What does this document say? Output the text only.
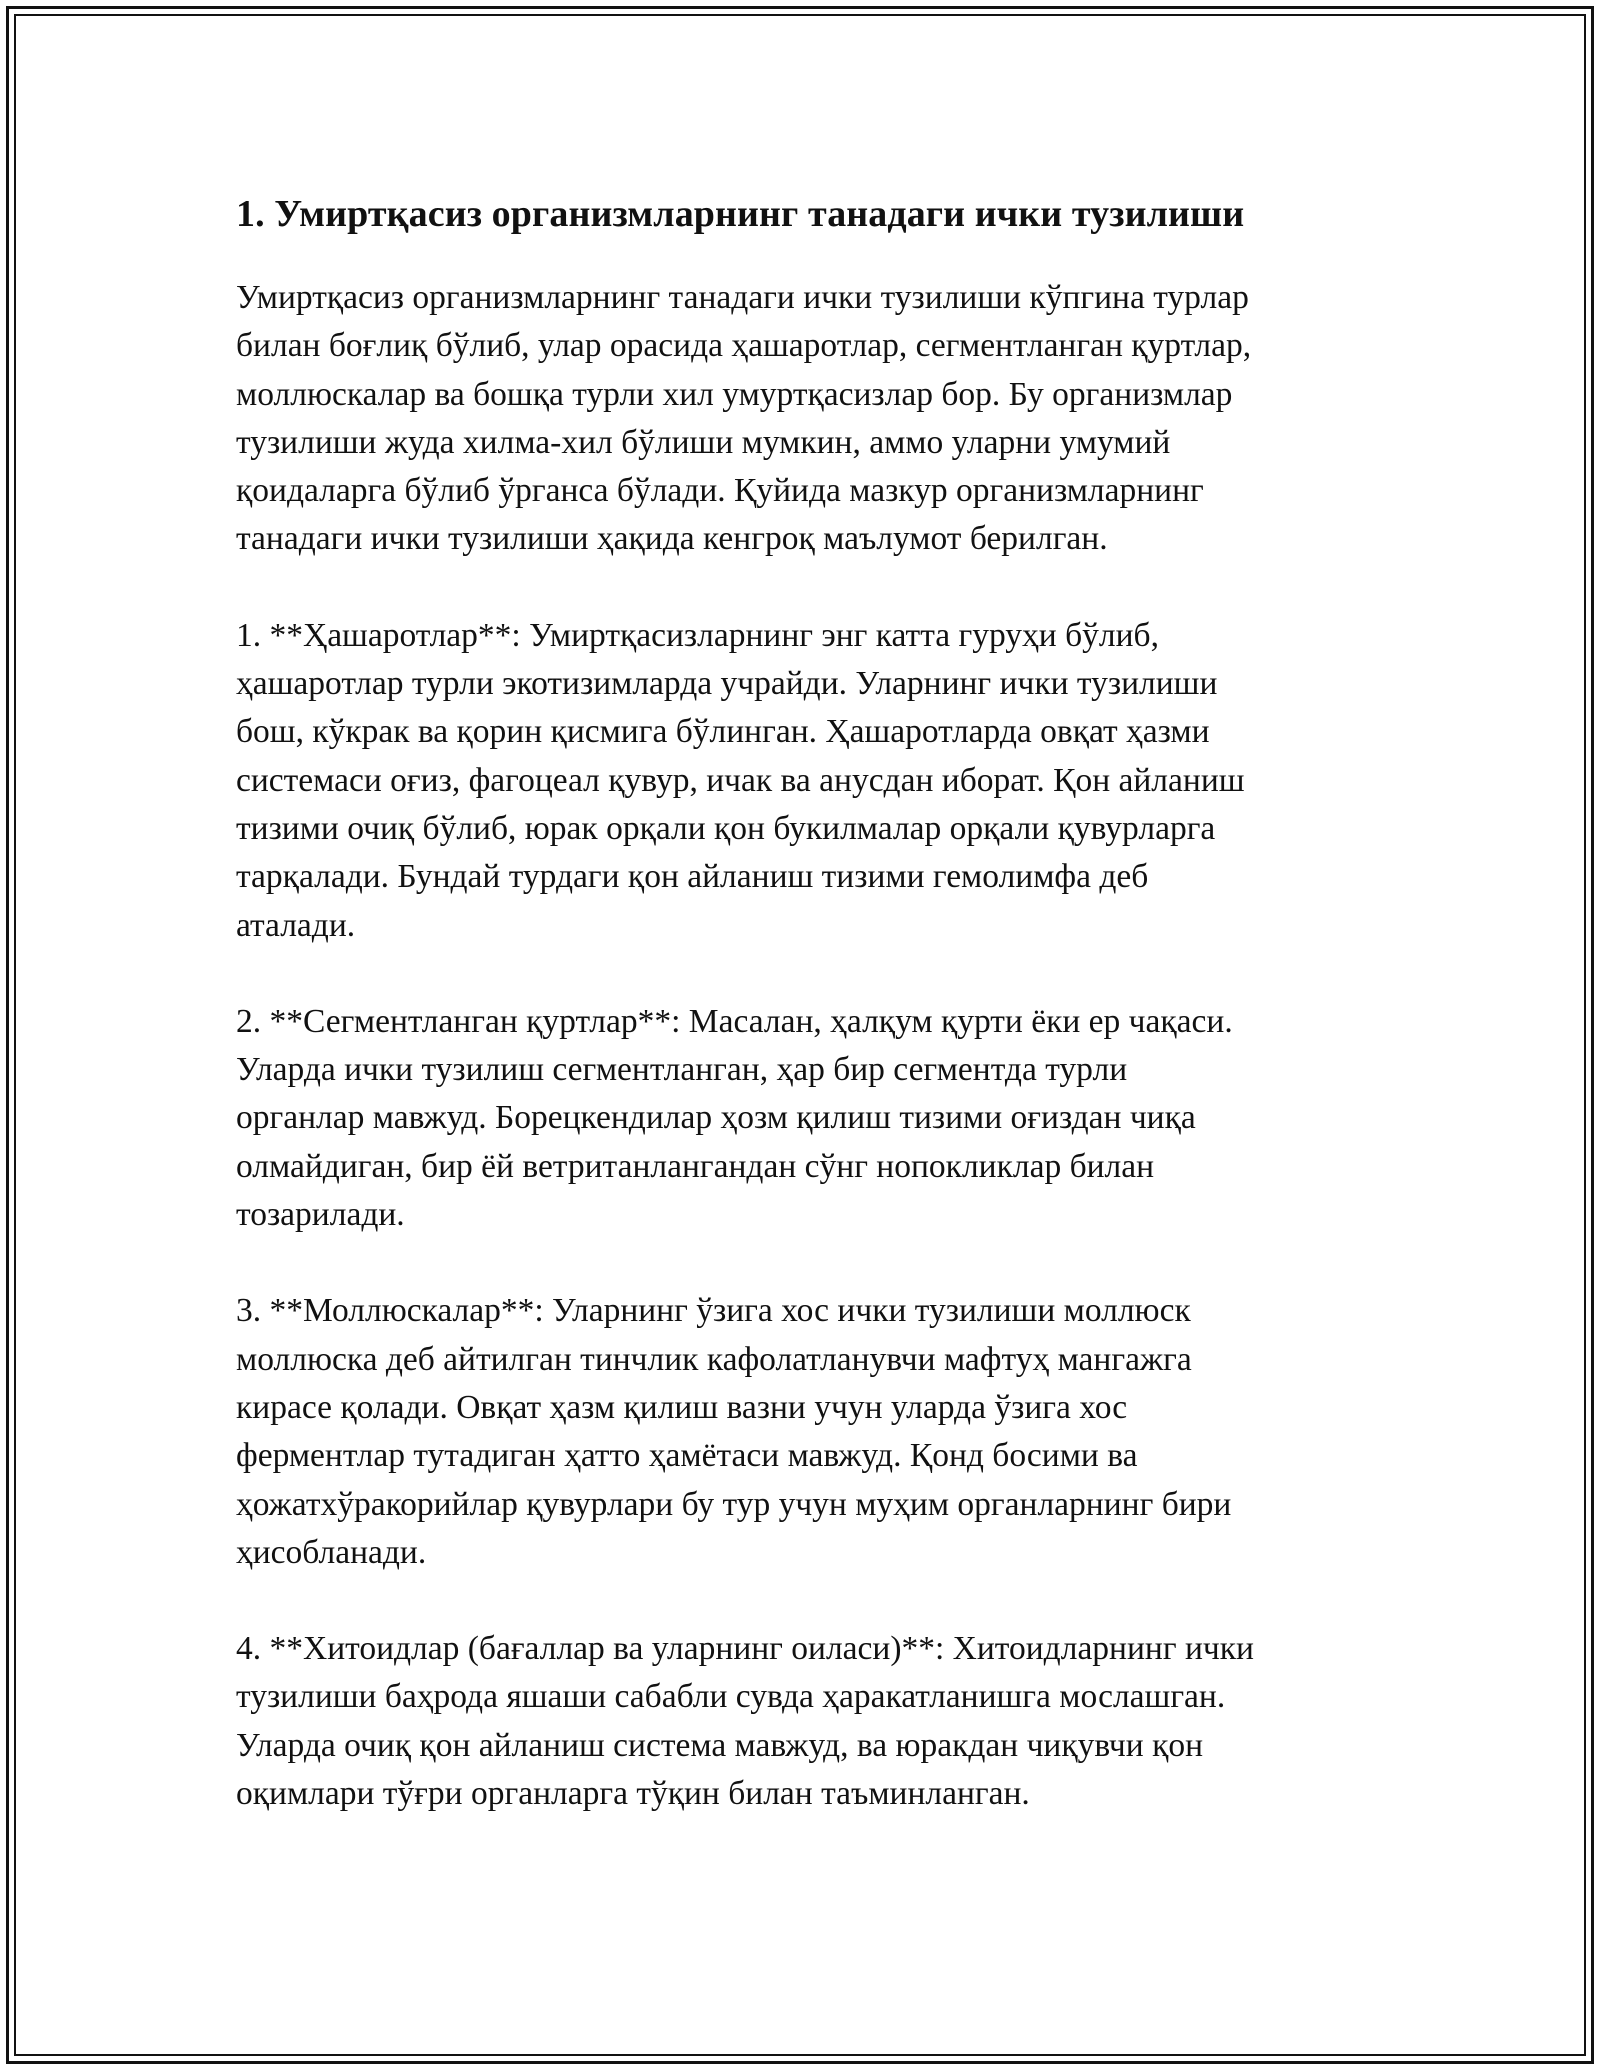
1. Умиртқасиз организмларнинг танадаги ички тузилиши

Умиртқасиз организмларнинг танадаги ички тузилиши кўпгина турлар
билан боғлиқ бўлиб, улар орасида ҳашаротлар, сегментланган қуртлар,
моллюскалар ва бошқа турли хил умуртқасизлар бор. Бу организмлар
тузилиши жуда хилма-хил бўлиши мумкин, аммо уларни умумий
қоидаларга бўлиб ўрганса бўлади. Қуйида мазкур организмларнинг
танадаги ички тузилиши ҳақида кенгроқ маълумот берилган.

1. **Ҳашаротлар**: Умиртқасизларнинг энг катта гуруҳи бўлиб,
ҳашаротлар турли экотизимларда учрайди. Уларнинг ички тузилиши
бош, кўкрак ва қорин қисмига бўлинган. Ҳашаротларда овқат ҳазми
системаси оғиз, фагоцеал қувур, ичак ва анусдан иборат. Қон айланиш
тизими очиқ бўлиб, юрак орқали қон букилмалар орқали қувурларга
тарқалади. Бундай турдаги қон айланиш тизими гемолимфа деб
аталади.

2. **Сегментланган қуртлар**: Масалан, ҳалқум қурти ёки ер чақаси.
Уларда ички тузилиш сегментланган, ҳар бир сегментда турли
органлар мавжуд. Борецкендилар ҳозм қилиш тизими оғиздан чиқа
олмайдиган, бир ёй ветританлангандан сўнг нопокликлар билан
тозарилади.

3. **Моллюскалар**: Уларнинг ўзига хос ички тузилиши моллюск
моллюска деб айтилган тинчлик кафолатланувчи мафтуҳ мангажга
кирасе қолади. Овқат ҳазм қилиш вазни учун уларда ўзига хос
ферментлар тутадиган ҳатто ҳамётаси мавжуд. Қонд босими ва
ҳожатхўракорийлар қувурлари бу тур учун муҳим органларнинг бири
ҳисобланади.

4. **Хитоидлар (бағаллар ва уларнинг оиласи)**: Хитоидларнинг ички
тузилиши баҳрода яшаши сабабли сувда ҳаракатланишга мослашган.
Уларда очиқ қон айланиш система мавжуд, ва юракдан чиқувчи қон
оқимлари тўғри органларга тўқин билан таъминланган.
